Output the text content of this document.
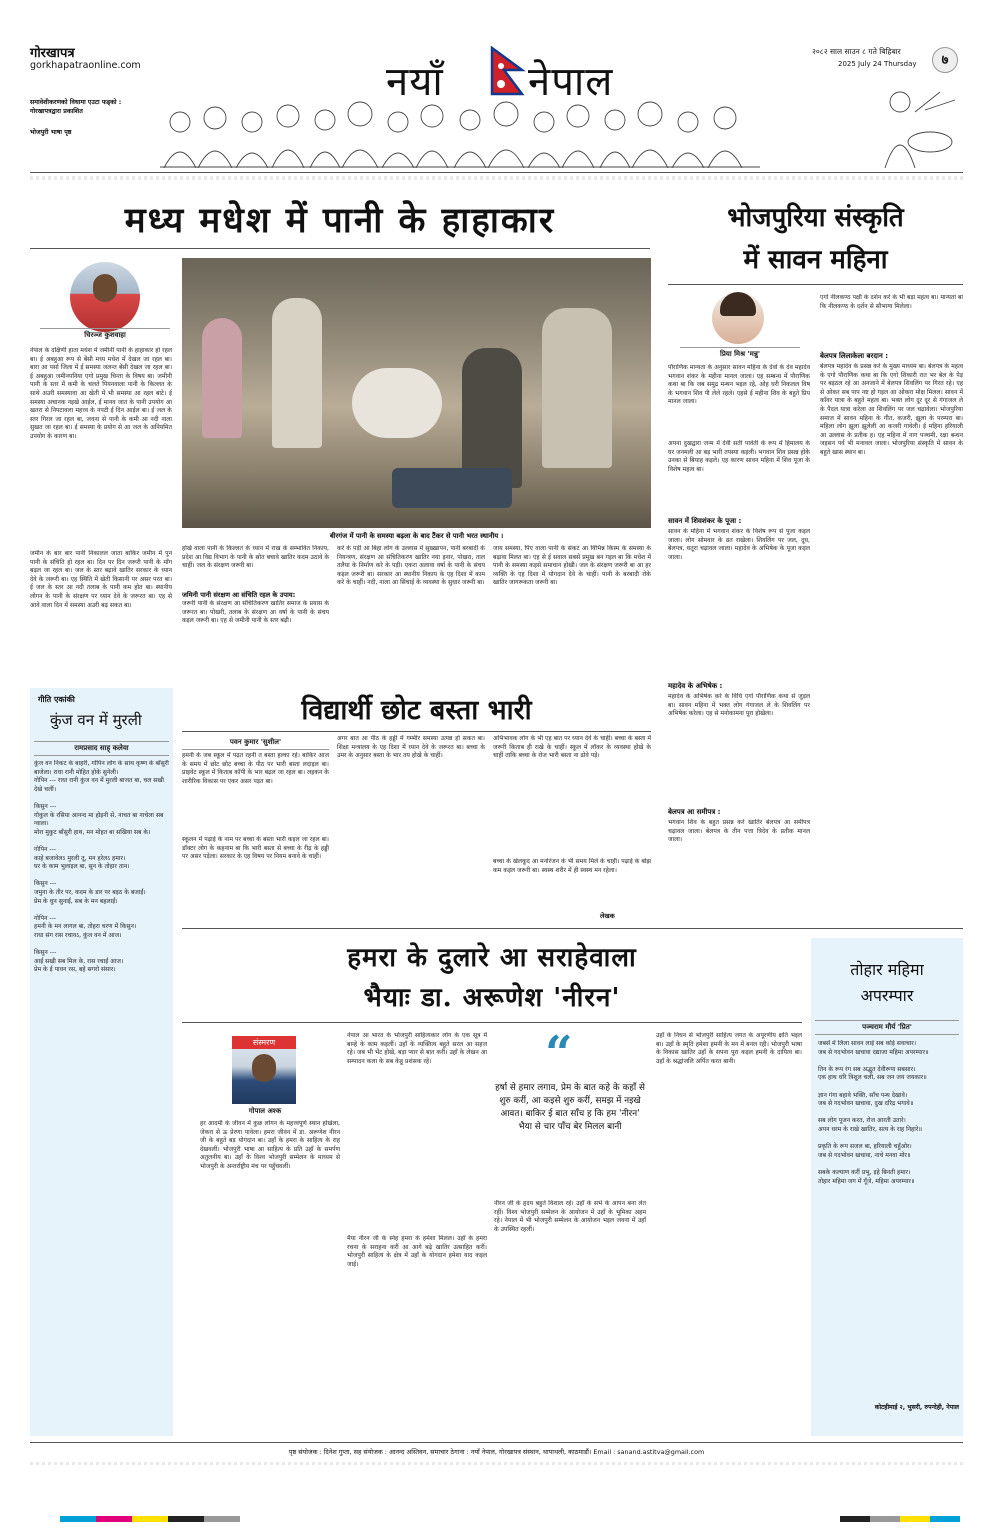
गोरखापत्र
gorkhapatraonline.com
समावेशीकरणको विधामा एउटा फड्को : गोरखापत्रद्वारा प्रकाशित
भोजपुरी भाषा पृष्ठ
नयाँ नेपाल
२०८२ साल साउन ८ गते बिहिबार
2025 July 24 Thursday	७
मध्य मधेश में पानी के हाहाकार
चिरञ्ज कुशवाहा
बीरगंज में पानी के समस्या बढ़ला के बाद टैंकर से पानी भरत स्थानीय ।
नेपाल के दक्षिणी हाता मधेश में जमीनी पानी के हाहाकार हो रहल बा। ई अबहुआ रूप से बेंसी मध्य मधेश में देखल जा रहल बा। बारा आ पर्सा जिला में ई समस्या जलन्त बेंसी देखल जा रहल बा। ई अबहुआ जमीनपनिया एगो प्रमुख चिन्ता के विषय बा। जमीनी पानी के स्तर में कमी के चलते पियनवाला पानी के किल्लत के साथे अउरी समस्यावा आ खेती में भी समस्या आ रहल बाटे। ई समस्या अचानक नइखे आईल, ई मानव जात के पानी उपयोग आ खतरा से निपटावला महत्त्व के नपटी ई दिन आईल बा। ई जल के स्तर गिरल जा रहल बा, जवना से पानी के कमी आ नदी नाला सुखत जा रहल बा। ई समस्या के प्रयोग से आ जल के अनियमित उपयोग के कारण बा।
जमीन के बार बार पानी निकालल जाता बाकिर जमीन में पुन पानी के संचिति हो रहल बा। दिन पर दिन जरूरी पानी के माँग बढ़ल जा रहल बा। जल के स्तर बढ़ावे खातिर सरकार के ध्यान देवे के जरूरी बा। एह स्थिति में खेती किसानी पर असर परत बा। ई जल के स्तर आ नदी तलाब के पानी कम होत बा। स्थानीय लोगन के पानी के संरक्षण पर ध्यान देवे के जरूरत बा। एह से आवे वाला दिन में समस्या अउरी बढ़ सकत बा।
होखे वाला पानी के किल्लत के ध्यान में राख के सम्भावित निकाय, प्रदेश आ विद्य विभाग के पानी के स्रोत बचावे खातिर कदम उठावे के चाहीं। जल के संरक्षण जरूरी बा।
जमिनी पानी संरक्षण आ संचिति रहल के उपाय:
जरूरी पानी के संरक्षण आ संचितिकरण खातिर समाज के प्रयास के जरूरत बा। पोखरी, तलाब के संरक्षण आ वर्षा के पानी के संचय कइल जरूरी बा। एह से जमीनी पानी के स्तर बढ़ी।
करे के पड़ी आ बिहा लोग के उल्लास में सुख्खापन, पानी बरबादी के नियन्त्रण, संरक्षण आ संचितिकरण खातिर नया इनार, पोखरा, ताल तलैया के निर्माण करे के पड़ी। एकरा अलावा वर्षा के पानी के संचय कइल जरूरी बा। सरकार आ स्थानीय निकाय के एह दिशा में काम करे के चाहीं। नदी, नाला आ सिंचाई के व्यवस्था के सुधार जरूरी बा।
जाय समस्या, पिए वाला पानी के संकट आ विभिन्न किस्म के समस्या के बढ़ावा मिलत बा। एह से ई सवाल सबसे प्रमुख बन गइल बा कि मधेश में पानी के समस्या कइसे समाधान होखी। जल के संरक्षण जरूरी बा आ हर व्यक्ति के एह दिशा में योगदान देवे के चाहीं। पानी के बरबादी रोके खातिर जागरूकता जरूरी बा।
भोजपुरिया संस्कृति
में सावन महिना
प्रिया मिश्र 'मन्नु'
पौराणिक मान्यता के अनुसार सावन महिना के देवो के देव महादेव भगवान शंकर के महीना मानल जाला। एह सम्बन्ध में पौराणिक कथा बा कि जब समुद्र मन्थन भइल रहे, ओह घरी निकलल विष के भगवान शिव पी लेले रहले। एहसे ई महीना शिव के बहुते प्रिय मानल जाला।
अपना दुखद्वारा जन्म में देवी सती पार्वती के रूप में हिमालय के घर जनमली आ बड़ भारी तपस्या कइली। भगवान शिव प्रसन्न होके उनका से बियाह कइले। एह कारण सावन महिना में शिव पूजा के विशेष महत्व बा।
सावन में शिवशंकर के पूजा :
सावन के महिना में भगवान शंकर के विशेष रूप से पूजा कइल जाला। लोग सोमवार के व्रत राखेला। शिवलिंग पर जल, दूध, बेलपत्र, धतूरा चढ़ावल जाला। महादेव के अभिषेक के पूजा कइल जाला।
महादेव के अभिषेक :
महादेव के अभिषेक करे के विधि एगो पौराणिक कथा से जुड़ल बा। सावन महिना में भक्त लोग गंगाजल ले के शिवलिंग पर अभिषेक करेला। एह से मनोकामना पूरा होखेला।
बेलपत्र आ समीपत्र :
भगवान शिव के बहुत प्रसन्न करे खातिर बेलपत्र आ समीपत्र चढ़ावल जाला। बेलपत्र के तीन पत्ता त्रिदेव के प्रतीक मानल जाला।
एगो नीलकण्ठ पक्षी के दर्शन करे के भी बड़ा महत्व बा। मान्यता बा कि नीलकण्ठ के दर्शन से सौभाग्य मिलेला।
बेलपत्र लिलाकेला बरदान :
बेलपत्र महादेव के प्रसन्न करे के मुख्य माध्यम बा। बेलपत्र के महत्व के एगो पौराणिक कथा बा कि एगो शिकारी रात भर बेल के पेड़ पर बइठल रहे आ अनजाने में बेलपत्र शिवलिंग पर गिरत रहे। एह से ओकर सब पाप नष्ट हो गइल आ ओकरा मोक्ष मिलल। सावन में काँवर यात्रा के बहुते महत्व बा। भक्त लोग दूर दूर से गंगाजल ले के पैदल यात्रा करेला आ शिवलिंग पर जल चढ़ावेला। भोजपुरिया समाज में सावन महिना के गीत, कजरी, झूला के परम्परा बा। महिला लोग झूला झूलेली आ कजरी गावेली। ई महिना हरियाली आ उल्लास के प्रतीक ह। एह महिना में नाग पञ्चमी, रक्षा बन्धन जइसन पर्व भी मनावल जाला। भोजपुरिया संस्कृति में सावन के बहुते खास स्थान बा।
गीति एकांकी
कुंज वन में मुरली
रामप्रसाद साह् कलेया
कुंज वन निकट के बाहरी, गोपिन लोग के साथ कृष्ण के बाँसुरी बाजेला। राधा रानी मोहित होके सुनेली।
गोपिन --- राधा रानी कुंज वन में मुरली बाजत बा, चल सखी देखे चलीं।

किसुन ---
गोकुल के रसिया आनन्द मा होइनी से, नाचत बा नाचेला सब ग्वाला।
मोरा मुकुट बाँसुरी हाथ, मन मोहत बा सखिया सब के।

गोपिन ---
काहे बजावेलऽ मुरली तू, मन हरेलऽ हमार।
घर के काम भुलाइल बा, सुन के तोहार तान।

किसुन ---
जमुना के तीर पर, कदम के डार पर बइठ के बजाईं।
प्रेम के धुन सुनाईं, सब के मन बहलाईं।

गोपिन ---
हमनी के मन लागल बा, तोहरा चरण में किसुन।
राधा संग रास रचावऽ, कुंज वन में आज।

किसुन ---
आईं सखी सब मिल के, रास रचाईं आज।
प्रेम के ई पावन रस, बहे सगरो संसार।
विद्यार्थी छोट बस्ता भारी
पवन कुमार 'सुशील'
हमनी के जब स्कूल में पढ़त रहनी त बस्ता हल्का रहे। बाकिर आज के समय में छोट छोट बच्चा के पीठ पर भारी बस्ता लदाइल बा। प्राइवेट स्कूल में किताब कॉपी के भार बढ़ल जा रहल बा। लइकन के शारीरिक विकास पर एकर असर पड़त बा।
स्कूलन में पढ़ाई के नाम पर बच्चा के बस्ता भारी कइल जा रहल बा। डॉक्टर लोग के कहनाम बा कि भारी बस्ता से बच्चा के रीढ़ के हड्डी पर असर पड़ेला। सरकार के एह विषय पर नियम बनावे के चाहीं।
अगर बात आ पीठ के हड्डी में गम्भीर समस्या उत्पन्न हो सकत बा। शिक्षा मन्त्रालय के एह दिशा में ध्यान देवे के जरूरत बा। बच्चा के उमर के अनुसार बस्ता के भार तय होखे के चाहीं।
अभिभावक लोग के भी एह बात पर ध्यान देवे के चाहीं। बच्चा के बस्ता में जरूरी किताब ही राखे के चाहीं। स्कूल में लॉकर के व्यवस्था होखे के चाहीं ताकि बच्चा के रोज भारी बस्ता ना ढोवे पड़े।
बच्चा के खेलकूद आ मनोरंजन के भी समय मिले के चाहीं। पढ़ाई के बोझ कम कइल जरूरी बा। स्वस्थ शरीर में ही स्वस्थ मन रहेला।
लेखक
हमरा के दुलारे आ सराहेवाला
भैयाः डा. अरूणेश 'नीरन'
संस्मरण
गोपाल अश्क
हर आदमी के जीवन में कुछ लोगन के महत्त्वपूर्ण स्थान होखेला, जेकरा से ऊ प्रेरणा पावेला। हमरा जीवन में डा. अरूणेश नीरन जी के बहुते बड़ योगदान बा। उहाँ के हमरा के साहित्य के राह देखवलीं। भोजपुरी भाषा आ साहित्य के प्रति उहाँ के समर्पण अतुलनीय बा। उहाँ के विश्व भोजपुरी सम्मेलन के माध्यम से भोजपुरी के अन्तर्राष्ट्रीय मंच पर पहुँचवलीं।
नेपाल आ भारत के भोजपुरी साहित्यकार लोग के एक सूत्र में बान्हे के काम कइलीं। उहाँ के व्यक्तित्व बहुते सरल आ सहज रहे। जब भी भेंट होखे, बड़ा प्यार से बात करीं। उहाँ के लेखन आ सम्पादन कला के सब केहू प्रशंसक रहे।
मैया नीरन जी के स्नेह हमरा के हमेशा मिलल। उहाँ के हमरा रचना के सराहना करीं आ आगे बढ़े खातिर उत्साहित करीं। भोजपुरी साहित्य के क्षेत्र में उहाँ के योगदान हमेशा याद कइल जाई।
“
हर्षा से हमार लगाव, प्रेम के बात कहे के कहाँ से शुरु करीं, आ कइसे शुरु करीं, समझ में नइखे आवत। बाकिर ई बात साँच ह कि हम 'नीरन' भैया से चार पाँच बेर मिलल बानी
नीरन जी के हृदय बहुते विशाल रहे। उहाँ के सभे के आपन बना लेत रहीं। विश्व भोजपुरी सम्मेलन के आयोजन में उहाँ के भूमिका अहम रहे। नेपाल में भी भोजपुरी सम्मेलन के आयोजन भइल जवना में उहाँ के उपस्थित रहलीं।
उहाँ के निधन से भोजपुरी साहित्य जगत के अपूरणीय क्षति भइल बा। उहाँ के स्मृति हमेशा हमनी के मन में बनल रही। भोजपुरी भाषा के विकास खातिर उहाँ के सपना पूरा कइल हमनी के दायित्व बा। उहाँ के श्रद्धांजलि अर्पित करत बानी।
तोहार महिमा
अपरम्पार
पञ्चराम मौर्य 'प्रित'
जबसें में लिला सावन लाई सब कोई सवाचार।
जब से गदभोवन खचावा दद्याजा महिमा अपरम्पार॥

तिन के रूप रंग सब अद्भुत देवीरूपा सबसार।
एक हाथ धरि त्रिशूल चली, सब जन जय जयकार॥

ज्ञान गंगा बहावे भक्ति, साँच पन्थ देखावे।
जब से गदभोवन खचावा, दुख दरिद्र भगावे॥

सब लोग पूजन करत, रोज आरती उतारे।
अपन धरम के राखे खातिर, सत्य के राह निहारे॥

प्रकृति के रूप सजल बा, हरियाली चहुँओर।
जब से गदभोवन खचावा, नाचे मनवा मोर॥

सबके कल्याण करीं प्रभु, इहे बिनती हमार।
तोहार महिमा जग में गूँजे, महिमा अपरम्पार॥
कोटहीमाई २, भुसरी, रुपन्देही, नेपाल
पृष्ठ संयोजक : दिनेश गुप्ता, सह संयोजक : आनन्द अस्तिवन, समाचार ठेगाना : नयाँ नेपाल, गोरखापत्र संस्थान, थापाथली, काठमाडौं। Email : sanand.astitva@gmail.com
